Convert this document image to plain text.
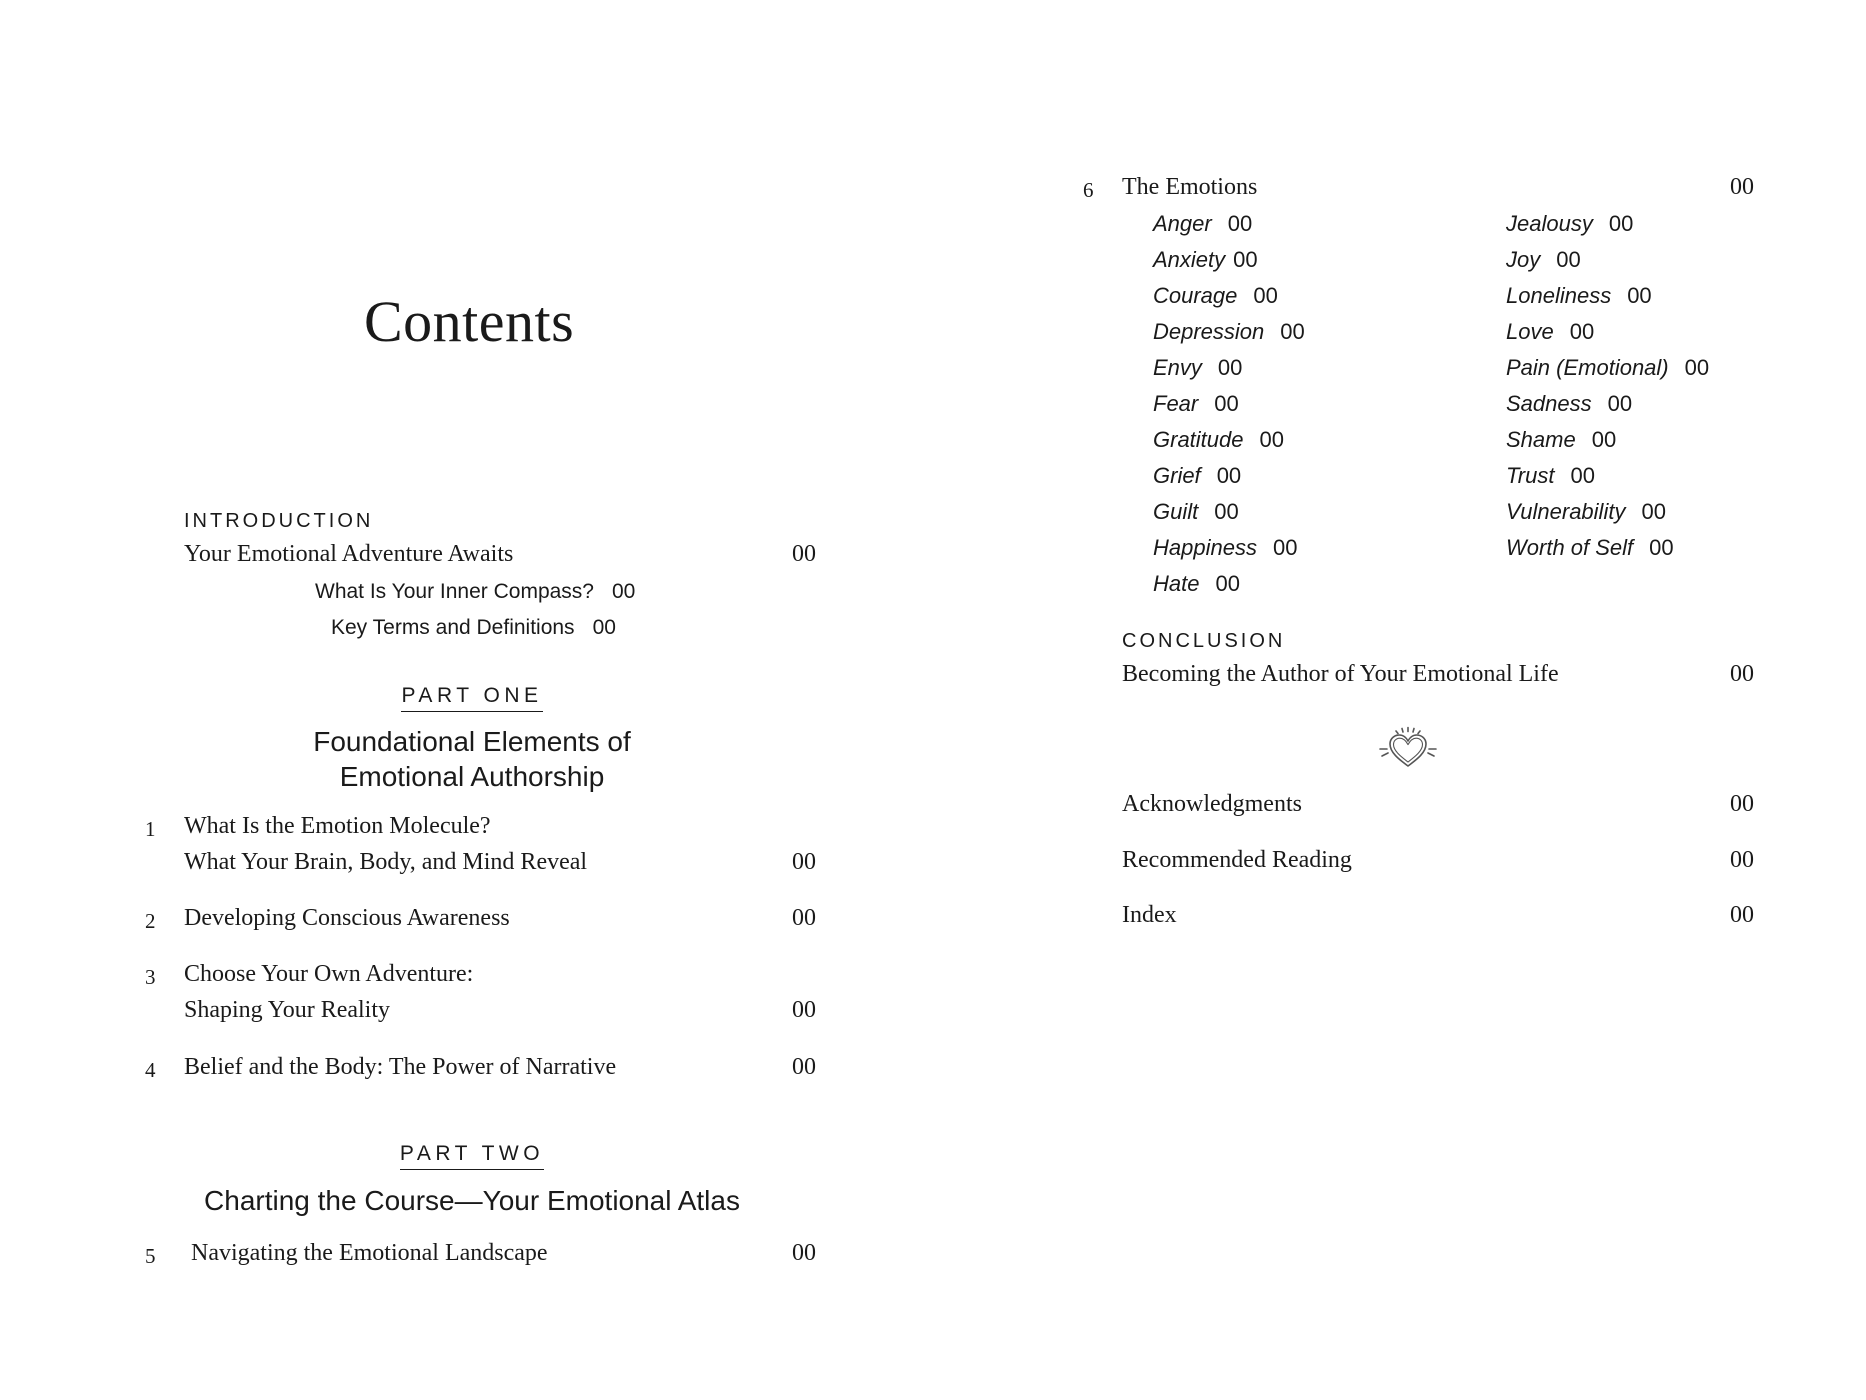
Contents
INTRODUCTION
Your Emotional Adventure Awaits	00
What Is Your Inner Compass? 00
Key Terms and Definitions 00
PART ONE
Foundational Elements of
Emotional Authorship
1 What Is the Emotion Molecule?
What Your Brain, Body, and Mind Reveal	00
2 Developing Conscious Awareness	00
3 Choose Your Own Adventure:
Shaping Your Reality	00
4 Belief and the Body: The Power of Narrative	00
PART TWO
Charting the Course—Your Emotional Atlas
5 Navigating the Emotional Landscape	00
6 The Emotions	00
Anger 00
Anxiety 00
Courage 00
Depression 00
Envy 00
Fear 00
Gratitude 00
Grief 00
Guilt 00
Happiness 00
Hate 00
Jealousy 00
Joy 00
Loneliness 00
Love 00
Pain (Emotional) 00
Sadness 00
Shame 00
Trust 00
Vulnerability 00
Worth of Self 00
CONCLUSION
Becoming the Author of Your Emotional Life	00
Acknowledgments	00
Recommended Reading	00
Index	00
